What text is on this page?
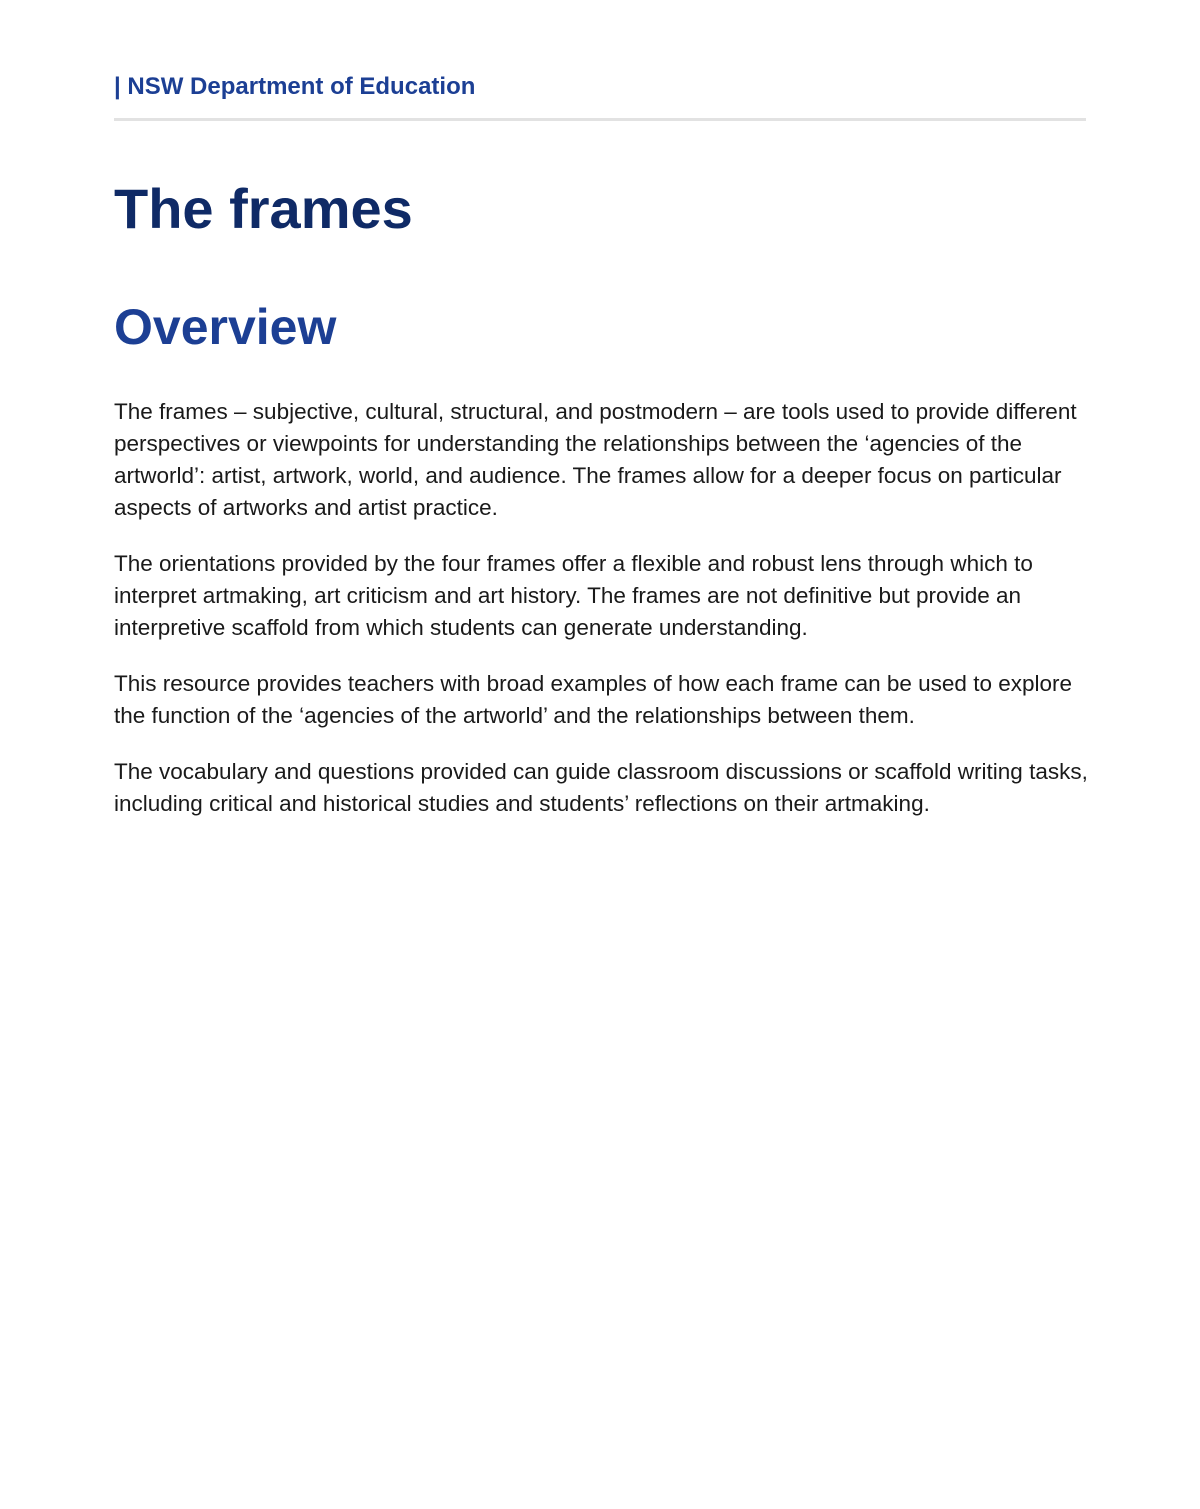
| NSW Department of Education
The frames
Overview

The frames – subjective, cultural, structural, and postmodern – are tools used to provide different perspectives or viewpoints for understanding the relationships between the ‘agencies of the artworld’: artist, artwork, world, and audience. The frames allow for a deeper focus on particular aspects of artworks and artist practice.

The orientations provided by the four frames offer a flexible and robust lens through which to interpret artmaking, art criticism and art history. The frames are not definitive but provide an interpretive scaffold from which students can generate understanding.

This resource provides teachers with broad examples of how each frame can be used to explore the function of the ‘agencies of the artworld’ and the relationships between them.

The vocabulary and questions provided can guide classroom discussions or scaffold writing tasks, including critical and historical studies and students’ reflections on their artmaking.
